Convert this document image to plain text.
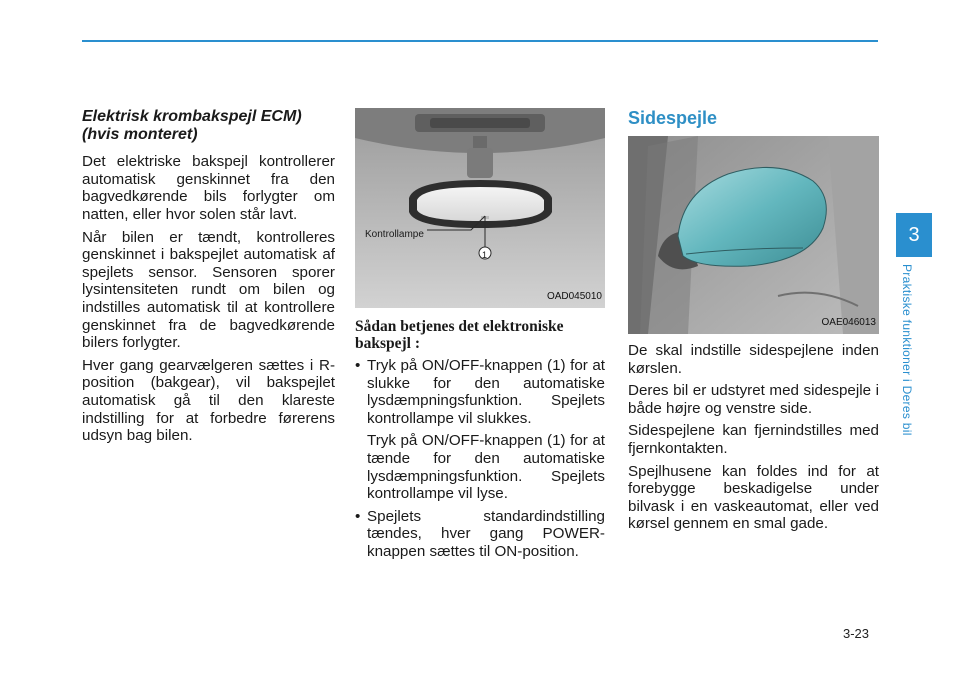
Elektrisk krombakspejl ECM)
(hvis monteret)

Det elektriske bakspejl kontrollerer automatisk genskinnet fra den bagvedkørende bils forlygter om natten, eller hvor solen står lavt.

Når bilen er tændt, kontrolleres genskinnet i bakspejlet automatisk af spejlets sensor. Sensoren sporer lysintensiteten rundt om bilen og indstilles automatisk til at kontrollere genskinnet fra de bagvedkørende bilers forlygter.

Hver gang gearvælgeren sættes i R-position (bakgear), vil bakspejlet automatisk gå til den klareste indstilling for at forbedre førerens udsyn bag bilen.

Kontrollampe
1
OAD045010
Sådan betjenes det elektroniske
bakspejl :
• Tryk på ON/OFF-knappen (1) for at slukke for den automatiske lysdæmpningsfunktion. Spejlets kontrollampe vil slukkes.
Tryk på ON/OFF-knappen (1) for at tænde for den automatiske lysdæmpningsfunktion. Spejlets kontrollampe vil lyse.
• Spejlets standardindstilling tændes, hver gang POWER-knappen sættes til ON-position.
Sidespejle
OAE046013

De skal indstille sidespejlene inden kørslen.

Deres bil er udstyret med sidespejle i både højre og venstre side.

Sidespejlene kan fjernindstilles med fjernkontakten.

Spejlhusene kan foldes ind for at forebygge beskadigelse under bilvask i en vaskeautomat, eller ved kørsel gennem en smal gade.

3
Praktiske funktioner i Deres bil
3-23
